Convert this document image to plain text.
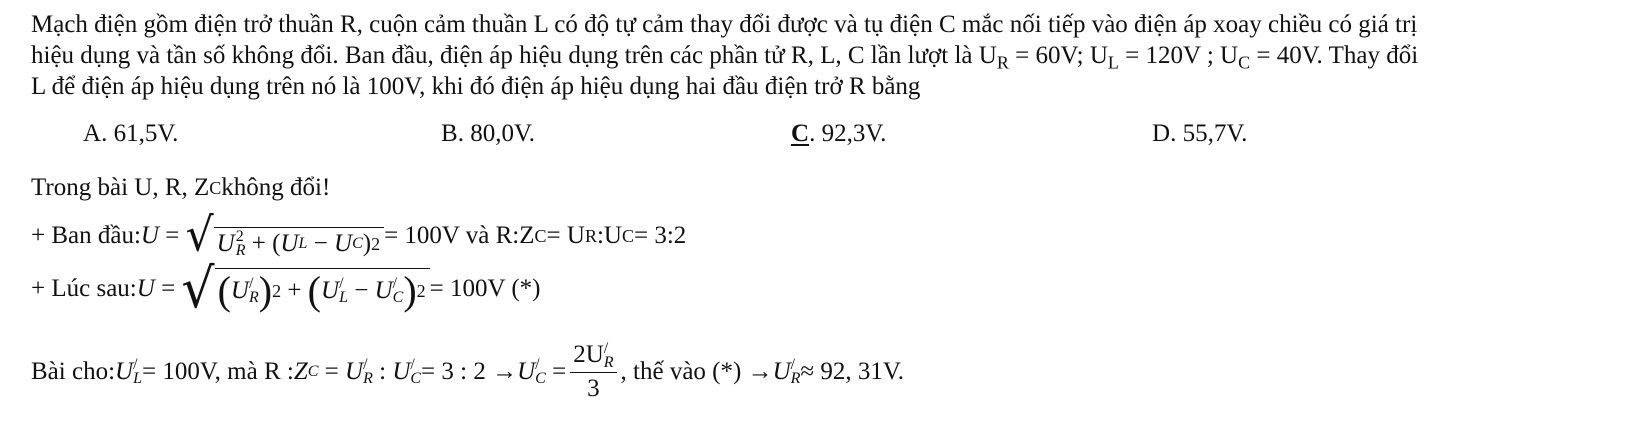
Mạch điện gồm điện trở thuần R, cuộn cảm thuần L có độ tự cảm thay đổi được và tụ điện C mắc nối tiếp vào điện áp xoay chiều có giá trị
hiệu dụng và tần số không đổi. Ban đầu, điện áp hiệu dụng trên các phần tử R, L, C lần lượt là $U_R = 60V$; $U_L = 120V$ ; $U_C = 40V$. Thay đổi
L để điện áp hiệu dụng trên nó là 100V, khi đó điện áp hiệu dụng hai đầu điện trở R bằng

A. 61,5V.	B. 80,0V.	C. 92,3V.	D. 55,7V.
Trong bài U, R, Z C không đổi!
+ Ban đầu: U = √ U 2
R + ( U L − U C ) 2 = 100V và R:Z C = U R :U C = 3:2
+ Lúc sau: U = √ ( U /
R ) 2 + ( U /
L − U /
C ) 2 = 100V (*)
Bài cho: U /
L = 100V, mà R : Z C = U /
R : U /
C = 3 : 2 → U /
C = 2U /
R
3 , thế vào (*) → U /
R ≈ 92, 31V.
